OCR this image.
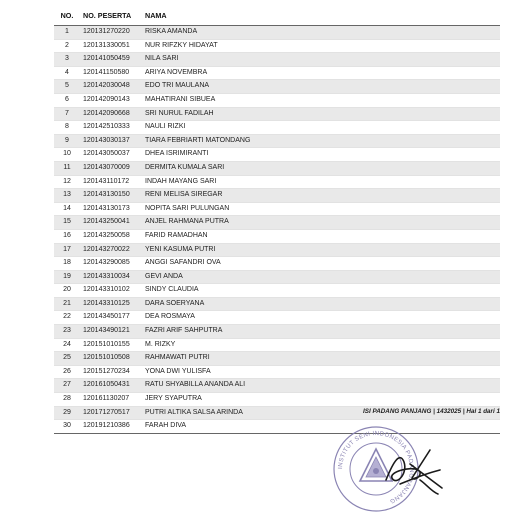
NO.	NO. PESERTA	NAMA
1	120131270220	RISKA AMANDA
2	120131330051	NUR RIFZKY HIDAYAT
3	120141050459	NILA SARI
4	120141150580	ARIYA NOVEMBRA
5	120142030048	EDO TRI MAULANA
6	120142090143	MAHATIRANI SIBUEA
7	120142090668	SRI NURUL FADILAH
8	120142510333	NAULI RIZKI
9	120143030137	TIARA FEBRIARTI MATONDANG
10	120143050037	DHEA ISRIMIRANTI
11	120143070009	DERMITA KUMALA SARI
12	120143110172	INDAH MAYANG SARI
13	120143130150	RENI MELISA SIREGAR
14	120143130173	NOPITA SARI PULUNGAN
15	120143250041	ANJEL RAHMANA PUTRA
16	120143250058	FARID RAMADHAN
17	120143270022	YENI KASUMA PUTRI
18	120143290085	ANGGI SAFANDRI OVA
19	120143310034	GEVI ANDA
20	120143310102	SINDY CLAUDIA
21	120143310125	DARA SOERYANA
22	120143450177	DEA ROSMAYA
23	120143490121	FAZRI ARIF SAHPUTRA
24	120151010155	M. RIZKY
25	120151010508	RAHMAWATI PUTRI
26	120151270234	YONA DWI YULISFA
27	120161050431	RATU SHYABILLA ANANDA ALI
28	120161130207	JERY SYAPUTRA
29	120171270517	PUTRI ALTIKA SALSA ARINDA
30	120191210386	FARAH DIVA
ISI PADANG PANJANG | 1432025 | Hal 1 dari 1
INSTITUT SENI INDONESIA PADANGPANJANG
